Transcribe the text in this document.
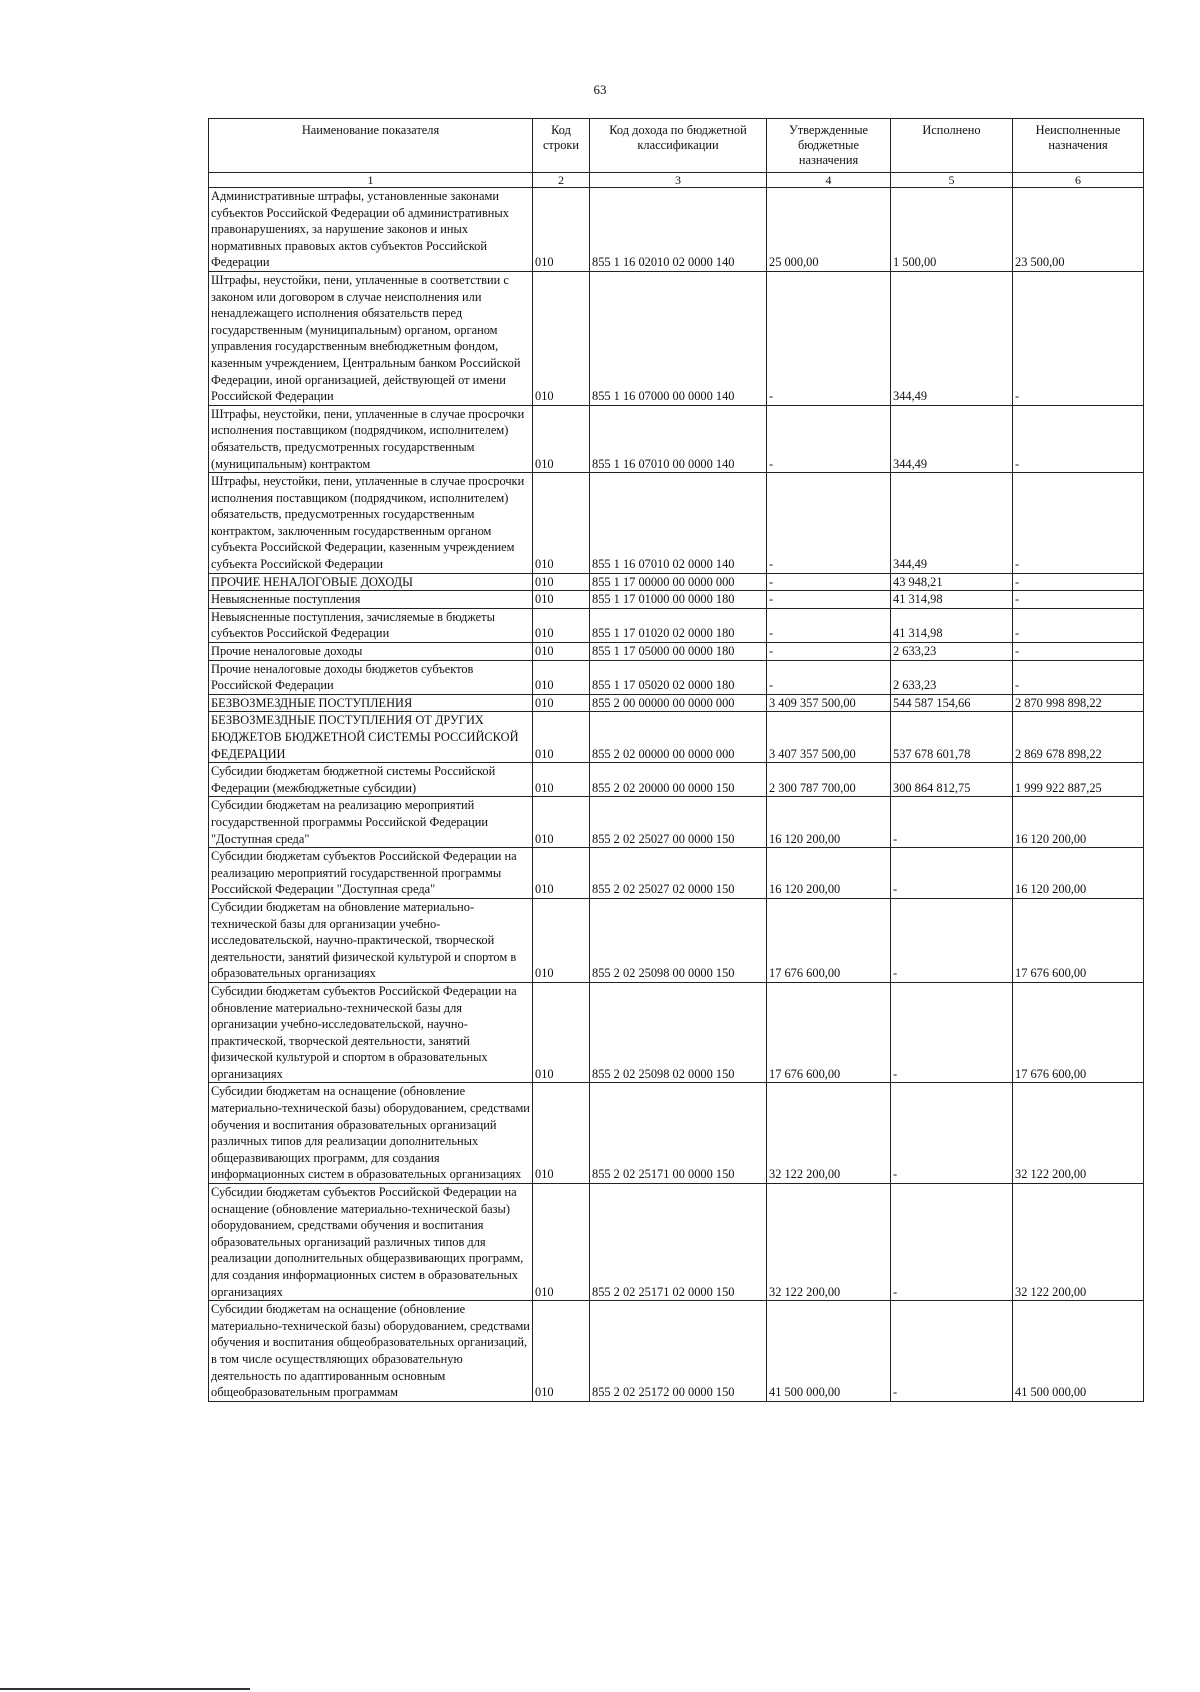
63
Наименование показателя	Код строки	Код дохода по бюджетной классификации	Утвержденные бюджетные назначения	Исполнено	Неисполненные назначения
1	2	3	4	5	6
Административные штрафы, установленные законами субъектов Российской Федерации об административных правонарушениях, за нарушение законов и иных нормативных правовых актов субъектов Российской Федерации	010	855 1 16 02010 02 0000 140	25 000,00	1 500,00	23 500,00
Штрафы, неустойки, пени, уплаченные в соответствии с законом или договором в случае неисполнения или ненадлежащего исполнения обязательств перед государственным (муниципальным) органом, органом управления государственным внебюджетным фондом, казенным учреждением, Центральным банком Российской Федерации, иной организацией, действующей от имени Российской Федерации	010	855 1 16 07000 00 0000 140	-	344,49	-
Штрафы, неустойки, пени, уплаченные в случае просрочки исполнения поставщиком (подрядчиком, исполнителем) обязательств, предусмотренных государственным (муниципальным) контрактом	010	855 1 16 07010 00 0000 140	-	344,49	-
Штрафы, неустойки, пени, уплаченные в случае просрочки исполнения поставщиком (подрядчиком, исполнителем) обязательств, предусмотренных государственным контрактом, заключенным государственным органом субъекта Российской Федерации, казенным учреждением субъекта Российской Федерации	010	855 1 16 07010 02 0000 140	-	344,49	-
ПРОЧИЕ НЕНАЛОГОВЫЕ ДОХОДЫ	010	855 1 17 00000 00 0000 000	-	43 948,21	-
Невыясненные поступления	010	855 1 17 01000 00 0000 180	-	41 314,98	-
Невыясненные поступления, зачисляемые в бюджеты субъектов Российской Федерации	010	855 1 17 01020 02 0000 180	-	41 314,98	-
Прочие неналоговые доходы	010	855 1 17 05000 00 0000 180	-	2 633,23	-
Прочие неналоговые доходы бюджетов субъектов Российской Федерации	010	855 1 17 05020 02 0000 180	-	2 633,23	-
БЕЗВОЗМЕЗДНЫЕ ПОСТУПЛЕНИЯ	010	855 2 00 00000 00 0000 000	3 409 357 500,00	544 587 154,66	2 870 998 898,22
БЕЗВОЗМЕЗДНЫЕ ПОСТУПЛЕНИЯ ОТ ДРУГИХ БЮДЖЕТОВ БЮДЖЕТНОЙ СИСТЕМЫ РОССИЙСКОЙ ФЕДЕРАЦИИ	010	855 2 02 00000 00 0000 000	3 407 357 500,00	537 678 601,78	2 869 678 898,22
Субсидии бюджетам бюджетной системы Российской Федерации (межбюджетные субсидии)	010	855 2 02 20000 00 0000 150	2 300 787 700,00	300 864 812,75	1 999 922 887,25
Субсидии бюджетам на реализацию мероприятий государственной программы Российской Федерации "Доступная среда"	010	855 2 02 25027 00 0000 150	16 120 200,00	-	16 120 200,00
Субсидии бюджетам субъектов Российской Федерации на реализацию мероприятий государственной программы Российской Федерации "Доступная среда"	010	855 2 02 25027 02 0000 150	16 120 200,00	-	16 120 200,00
Субсидии бюджетам на обновление материально-технической базы для организации учебно-исследовательской, научно-практической, творческой деятельности, занятий физической культурой и спортом в образовательных организациях	010	855 2 02 25098 00 0000 150	17 676 600,00	-	17 676 600,00
Субсидии бюджетам субъектов Российской Федерации на обновление материально-технической базы для организации учебно-исследовательской, научно-практической, творческой деятельности, занятий физической культурой и спортом в образовательных организациях	010	855 2 02 25098 02 0000 150	17 676 600,00	-	17 676 600,00
Субсидии бюджетам на оснащение (обновление материально-технической базы) оборудованием, средствами обучения и воспитания образовательных организаций различных типов для реализации дополнительных общеразвивающих программ, для создания информационных систем в образовательных организациях	010	855 2 02 25171 00 0000 150	32 122 200,00	-	32 122 200,00
Субсидии бюджетам субъектов Российской Федерации на оснащение (обновление материально-технической базы) оборудованием, средствами обучения и воспитания образовательных организаций различных типов для реализации дополнительных общеразвивающих программ, для создания информационных систем в образовательных организациях	010	855 2 02 25171 02 0000 150	32 122 200,00	-	32 122 200,00
Субсидии бюджетам на оснащение (обновление материально-технической базы) оборудованием, средствами обучения и воспитания общеобразовательных организаций, в том числе осуществляющих образовательную деятельность по адаптированным основным общеобразовательным программам	010	855 2 02 25172 00 0000 150	41 500 000,00	-	41 500 000,00
